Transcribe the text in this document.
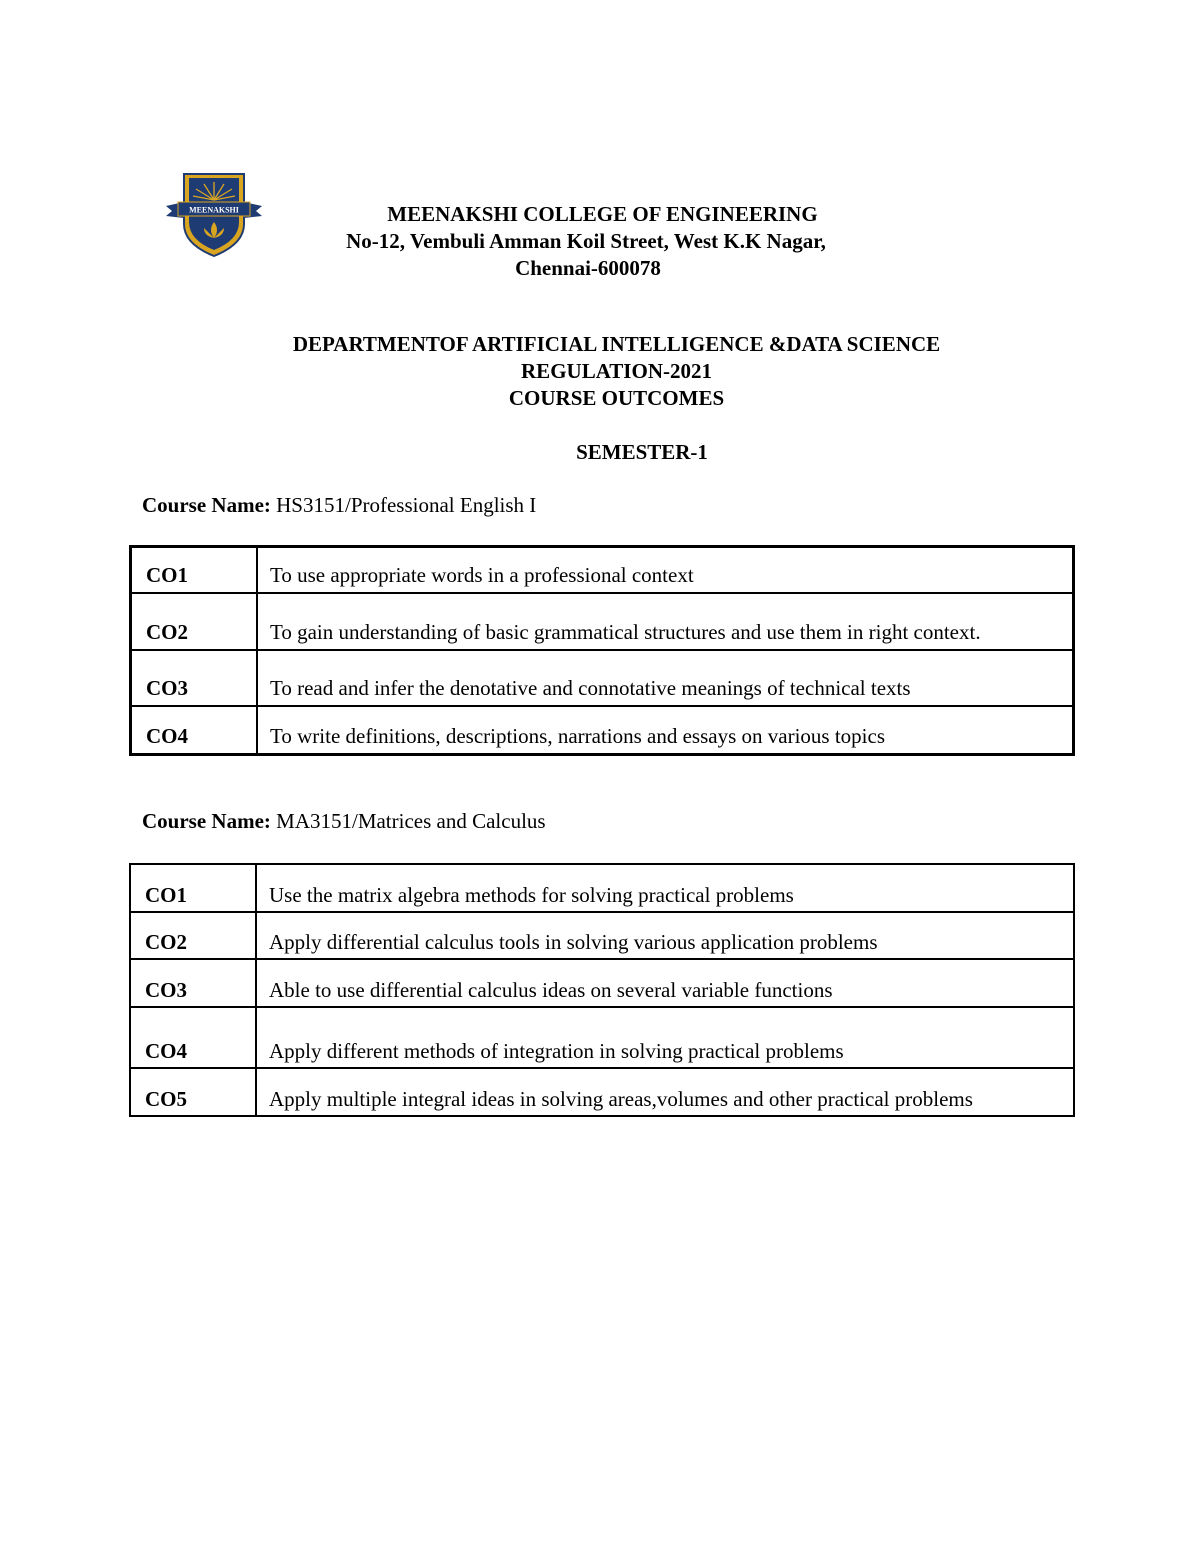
MEENAKSHI	MEENAKSHI COLLEGE OF ENGINEERING
No-12, Vembuli Amman Koil Street, West K.K Nagar,
Chennai-600078
DEPARTMENTOF ARTIFICIAL INTELLIGENCE &DATA SCIENCE
REGULATION-2021
COURSE OUTCOMES
SEMESTER-1
Course Name: HS3151/Professional English I
CO1	To use appropriate words in a professional context
CO2	To gain understanding of basic grammatical structures and use them in right context.
CO3	To read and infer the denotative and connotative meanings of technical texts
CO4	To write definitions, descriptions, narrations and essays on various topics
Course Name: MA3151/Matrices and Calculus
CO1	Use the matrix algebra methods for solving practical problems
CO2	Apply differential calculus tools in solving various application problems
CO3	Able to use differential calculus ideas on several variable functions
CO4	Apply different methods of integration in solving practical problems
CO5	Apply multiple integral ideas in solving areas,volumes and other practical problems
